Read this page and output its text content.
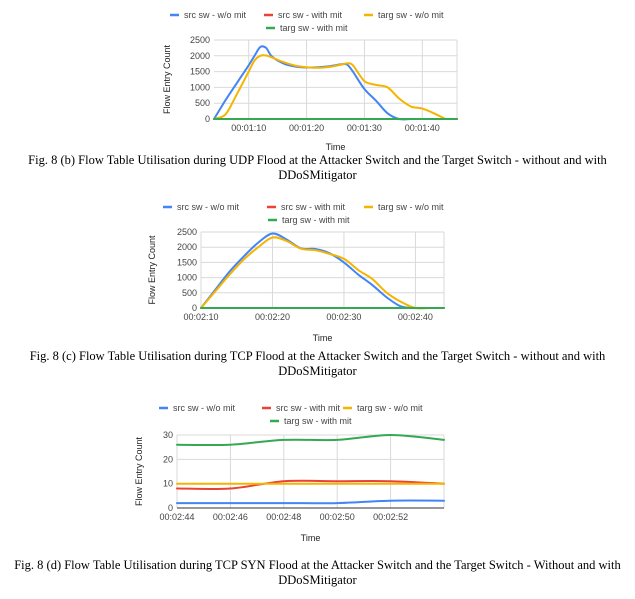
src sw - w/o mit	src sw - with mit	targ sw - w/o mit
targ sw - with mit
0
500
1000
1500
2000
2500
00:01:10	00:01:20	00:01:30	00:01:40
Time
Flow Entry Count
Fig. 8 (b) Flow Table Utilisation during UDP Flood at the Attacker Switch and the Target Switch - without and with
DDoSMitigator
src sw - w/o mit	src sw - with mit	targ sw - w/o mit
targ sw - with mit
0
500
1000
1500
2000
2500
00:02:10	00:02:20	00:02:30	00:02:40
Time
Flow Entry Count
Fig. 8 (c) Flow Table Utilisation during TCP Flood at the Attacker Switch and the Target Switch - without and with
DDoSMitigator
src sw - w/o mit	src sw - with mit targ sw - w/o mit
targ sw - with mit
0
10
20
30
00:02:44 00:02:46 00:02:48 00:02:50 00:02:52
Time
Flow Entry Count
Fig. 8 (d) Flow Table Utilisation during TCP SYN Flood at the Attacker Switch and the Target Switch - Without and with
DDoSMitigator
